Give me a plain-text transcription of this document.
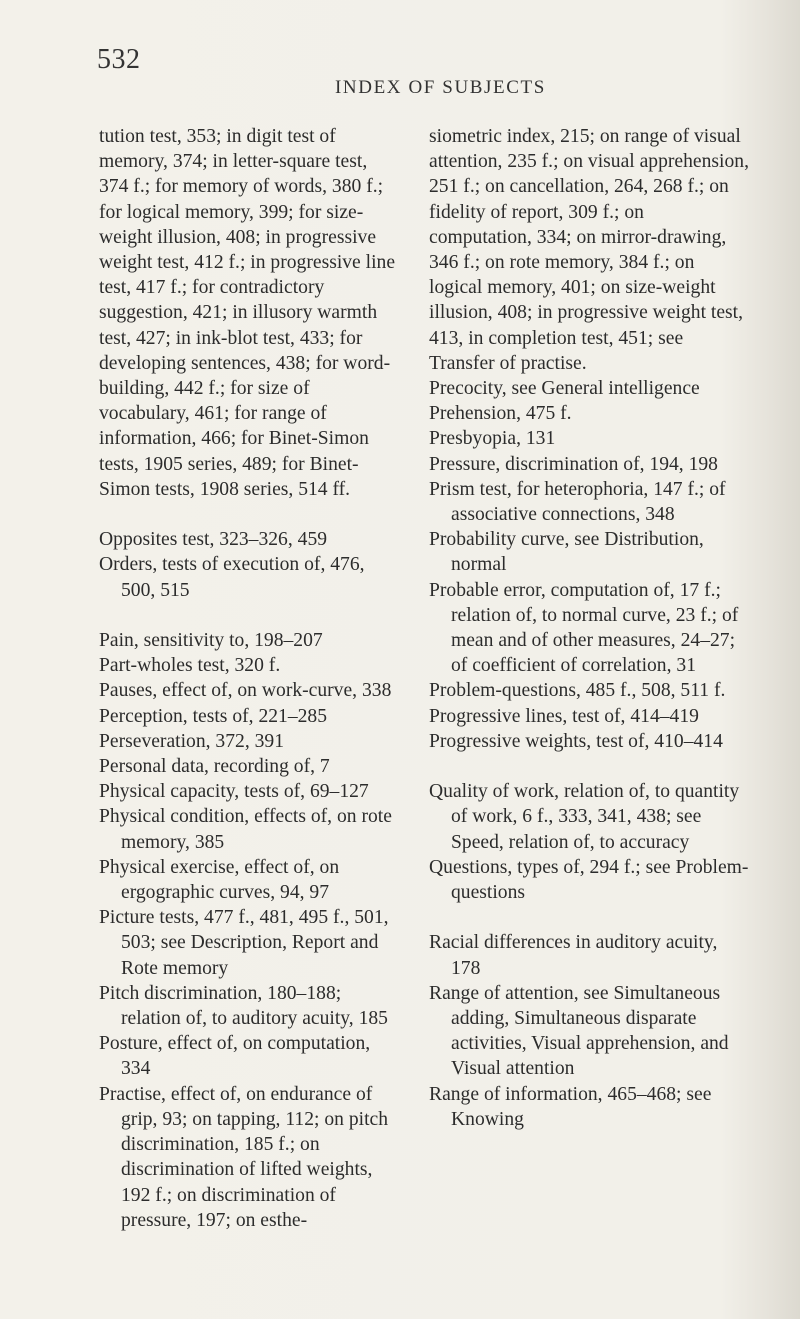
532
INDEX OF SUBJECTS

tution test, 353; in digit test of memory, 374; in letter-square test, 374 f.; for memory of words, 380 f.; for logical memory, 399; for size-weight illusion, 408; in progressive weight test, 412 f.; in progressive line test, 417 f.; for contradictory suggestion, 421; in illusory warmth test, 427; in ink-blot test, 433; for developing sentences, 438; for word-building, 442 f.; for size of vocabulary, 461; for range of information, 466; for Binet-Simon tests, 1905 series, 489; for Binet-Simon tests, 1908 series, 514 ff.

Opposites test, 323–326, 459

Orders, tests of execution of, 476, 500, 515

Pain, sensitivity to, 198–207

Part-wholes test, 320 f.

Pauses, effect of, on work-curve, 338

Perception, tests of, 221–285

Perseveration, 372, 391

Personal data, recording of, 7

Physical capacity, tests of, 69–127

Physical condition, effects of, on rote memory, 385

Physical exercise, effect of, on ergographic curves, 94, 97

Picture tests, 477 f., 481, 495 f., 501, 503; see Description, Report and Rote memory

Pitch discrimination, 180–188; relation of, to auditory acuity, 185

Posture, effect of, on computation, 334

Practise, effect of, on endurance of grip, 93; on tapping, 112; on pitch discrimination, 185 f.; on discrimination of lifted weights, 192 f.; on discrimination of pressure, 197; on esthe-

siometric index, 215; on range of visual attention, 235 f.; on visual apprehension, 251 f.; on cancellation, 264, 268 f.; on fidelity of report, 309 f.; on computation, 334; on mirror-drawing, 346 f.; on rote memory, 384 f.; on logical memory, 401; on size-weight illusion, 408; in progressive weight test, 413, in completion test, 451; see Transfer of practise.

Precocity, see General intelligence

Prehension, 475 f.

Presbyopia, 131

Pressure, discrimination of, 194, 198

Prism test, for heterophoria, 147 f.; of associative connections, 348

Probability curve, see Distribution, normal

Probable error, computation of, 17 f.; relation of, to normal curve, 23 f.; of mean and of other measures, 24–27; of coefficient of correlation, 31

Problem-questions, 485 f., 508, 511 f.

Progressive lines, test of, 414–419

Progressive weights, test of, 410–414

Quality of work, relation of, to quantity of work, 6 f., 333, 341, 438; see Speed, relation of, to accuracy

Questions, types of, 294 f.; see Problem-questions

Racial differences in auditory acuity, 178

Range of attention, see Simultaneous adding, Simultaneous disparate activities, Visual apprehension, and Visual attention

Range of information, 465–468; see Knowing
